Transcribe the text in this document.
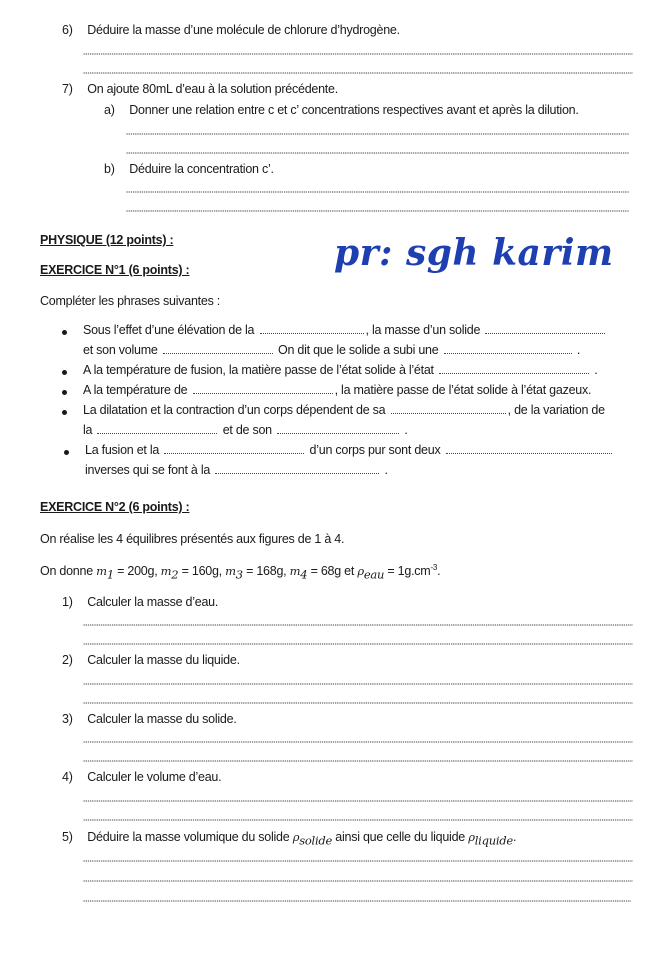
6) Déduire la masse d’une molécule de chlorure d’hydrogène.
7) On ajoute 80mL d’eau à la solution précédente.
a) Donner une relation entre c et c’ concentrations respectives avant et après la dilution.
b) Déduire la concentration c’.
PHYSIQUE (12 points) :	pr: sgh karim
EXERCICE N°1 (6 points) :
Compléter les phrases suivantes :
Sous l’effet d’une élévation de la	, la masse d’un solide
et son volume	On dit que le solide a subi une	.
A la température de fusion, la matière passe de l’état solide à l’état	.
A la température de	, la matière passe de l’état solide à l’état gazeux.
La dilatation et la contraction d’un corps dépendent de sa	, de la variation de
la	et de son	.
La fusion et la	d’un corps pur sont deux
inverses qui se font à la	.
EXERCICE N°2 (6 points) :
On réalise les 4 équilibres présentés aux figures de 1 à 4.
On donne $m_1 = 200g$, $m_2 = 160g$, $m_3 = 168g$, $m_4 = 68g$ et $\rho_{eau} = 1g.cm^{-3}$.
1) Calculer la masse d’eau.
2) Calculer la masse du liquide.
3) Calculer la masse du solide.
4) Calculer le volume d’eau.
5) Déduire la masse volumique du solide $\rho_{solide}$ ainsi que celle du liquide $\rho_{liquide}$.
